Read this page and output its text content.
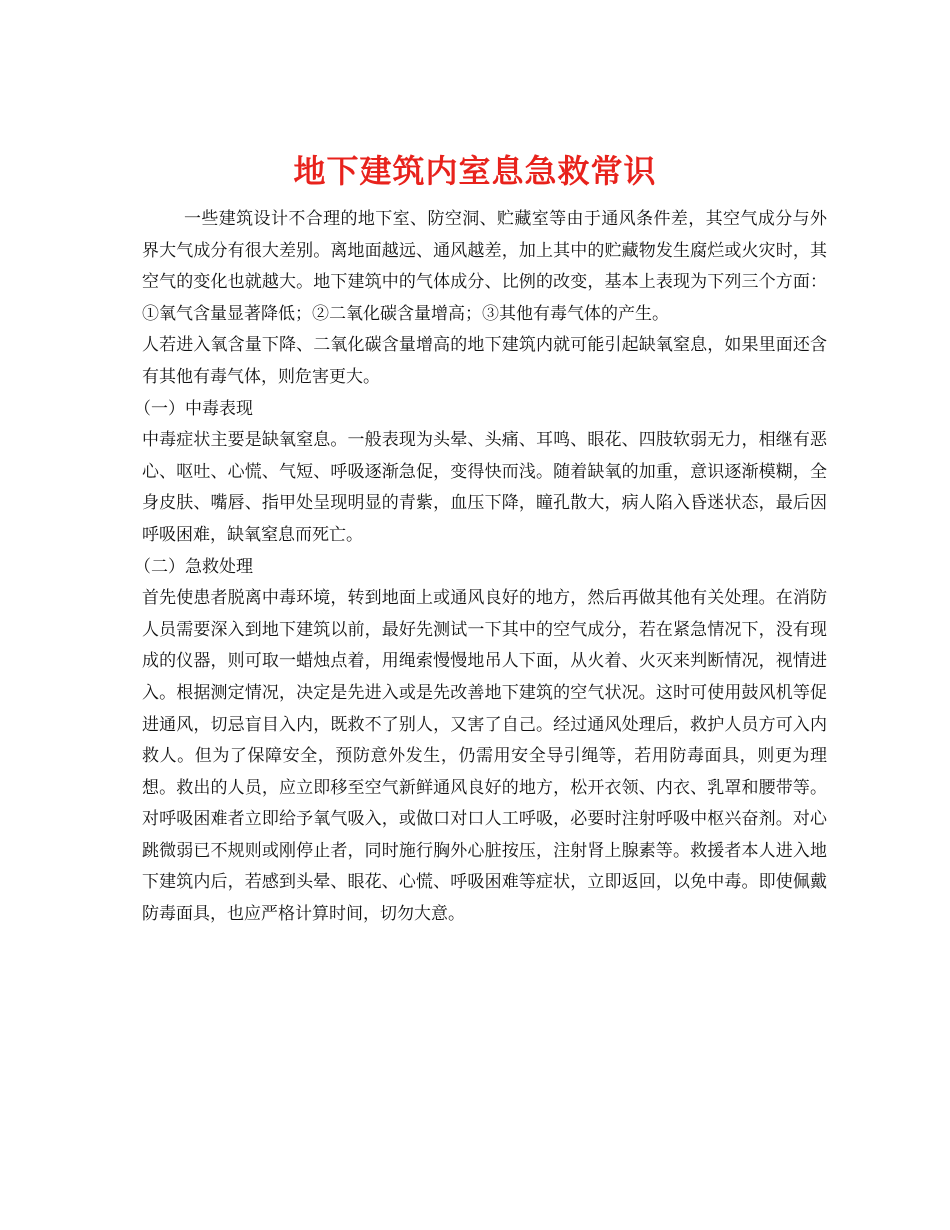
地下建筑内室息急救常识

一些建筑设计不合理的地下室、防空洞、贮藏室等由于通风条件差，其空气成分与外界大气成分有很大差别。离地面越远、通风越差，加上其中的贮藏物发生腐烂或火灾时，其空气的变化也就越大。地下建筑中的气体成分、比例的改变，基本上表现为下列三个方面：①氧气含量显著降低；②二氧化碳含量增高；③其他有毒气体的产生。

人若进入氧含量下降、二氧化碳含量增高的地下建筑内就可能引起缺氧窒息，如果里面还含有其他有毒气体，则危害更大。

（一）中毒表现

中毒症状主要是缺氧窒息。一般表现为头晕、头痛、耳鸣、眼花、四肢软弱无力，相继有恶心、呕吐、心慌、气短、呼吸逐渐急促，变得快而浅。随着缺氧的加重，意识逐渐模糊，全身皮肤、嘴唇、指甲处呈现明显的青紫，血压下降，瞳孔散大，病人陷入昏迷状态，最后因呼吸困难，缺氧窒息而死亡。

（二）急救处理

首先使患者脱离中毒环境，转到地面上或通风良好的地方，然后再做其他有关处理。在消防人员需要深入到地下建筑以前，最好先测试一下其中的空气成分，若在紧急情况下，没有现成的仪器，则可取一蜡烛点着，用绳索慢慢地吊人下面，从火着、火灭来判断情况，视情进入。根据测定情况，决定是先进入或是先改善地下建筑的空气状况。这时可使用鼓风机等促进通风，切忌盲目入内，既救不了别人，又害了自己。经过通风处理后，救护人员方可入内救人。但为了保障安全，预防意外发生，仍需用安全导引绳等，若用防毒面具，则更为理想。救出的人员，应立即移至空气新鲜通风良好的地方，松开衣领、内衣、乳罩和腰带等。对呼吸困难者立即给予氧气吸入，或做口对口人工呼吸，必要时注射呼吸中枢兴奋剂。对心跳微弱已不规则或刚停止者，同时施行胸外心脏按压，注射肾上腺素等。救援者本人进入地下建筑内后，若感到头晕、眼花、心慌、呼吸困难等症状，立即返回，以免中毒。即使佩戴防毒面具，也应严格计算时间，切勿大意。
